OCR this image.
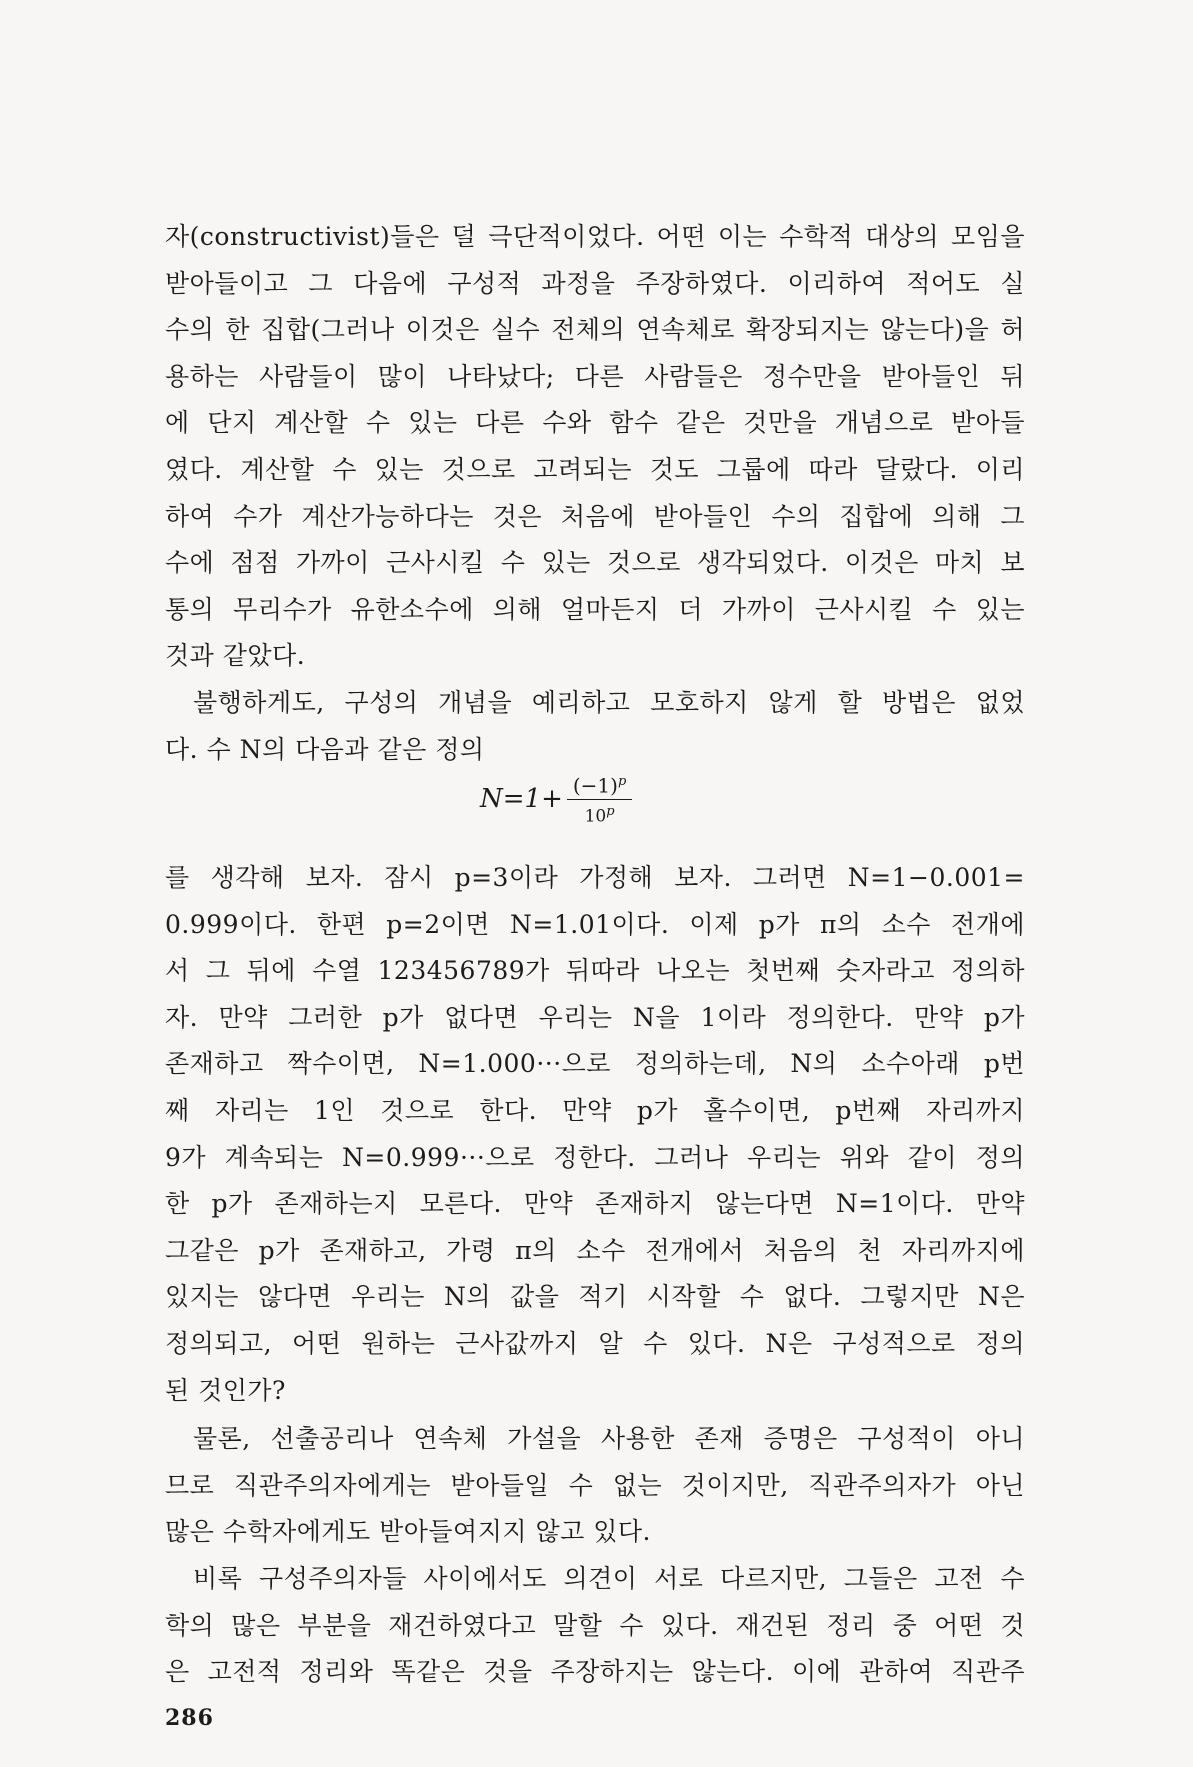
자(constructivist)들은 덜 극단적이었다. 어떤 이는 수학적 대상의 모임을
받아들이고 그 다음에 구성적 과정을 주장하였다. 이리하여 적어도 실
수의 한 집합(그러나 이것은 실수 전체의 연속체로 확장되지는 않는다)을 허
용하는 사람들이 많이 나타났다; 다른 사람들은 정수만을 받아들인 뒤
에 단지 계산할 수 있는 다른 수와 함수 같은 것만을 개념으로 받아들
였다. 계산할 수 있는 것으로 고려되는 것도 그룹에 따라 달랐다. 이리
하여 수가 계산가능하다는 것은 처음에 받아들인 수의 집합에 의해 그
수에 점점 가까이 근사시킬 수 있는 것으로 생각되었다. 이것은 마치 보
통의 무리수가 유한소수에 의해 얼마든지 더 가까이 근사시킬 수 있는
것과 같았다.
불행하게도, 구성의 개념을 예리하고 모호하지 않게 할 방법은 없었
다. 수 N의 다음과 같은 정의
$N=1+ \frac{(-1)^p}{10^p}$
를 생각해 보자. 잠시 p=3이라 가정해 보자. 그러면 N=1−0.001=
0.999이다. 한편 p=2이면 N=1.01이다. 이제 p가 π의 소수 전개에
서 그 뒤에 수열 123456789가 뒤따라 나오는 첫번째 숫자라고 정의하
자. 만약 그러한 p가 없다면 우리는 N을 1이라 정의한다. 만약 p가
존재하고 짝수이면, N=1.000···으로 정의하는데, N의 소수아래 p번
째 자리는 1인 것으로 한다. 만약 p가 홀수이면, p번째 자리까지
9가 계속되는 N=0.999···으로 정한다. 그러나 우리는 위와 같이 정의
한 p가 존재하는지 모른다. 만약 존재하지 않는다면 N=1이다. 만약
그같은 p가 존재하고, 가령 π의 소수 전개에서 처음의 천 자리까지에
있지는 않다면 우리는 N의 값을 적기 시작할 수 없다. 그렇지만 N은
정의되고, 어떤 원하는 근사값까지 알 수 있다. N은 구성적으로 정의
된 것인가?
물론, 선출공리나 연속체 가설을 사용한 존재 증명은 구성적이 아니
므로 직관주의자에게는 받아들일 수 없는 것이지만, 직관주의자가 아닌
많은 수학자에게도 받아들여지지 않고 있다.
비록 구성주의자들 사이에서도 의견이 서로 다르지만, 그들은 고전 수
학의 많은 부분을 재건하였다고 말할 수 있다. 재건된 정리 중 어떤 것
은 고전적 정리와 똑같은 것을 주장하지는 않는다. 이에 관하여 직관주
286
